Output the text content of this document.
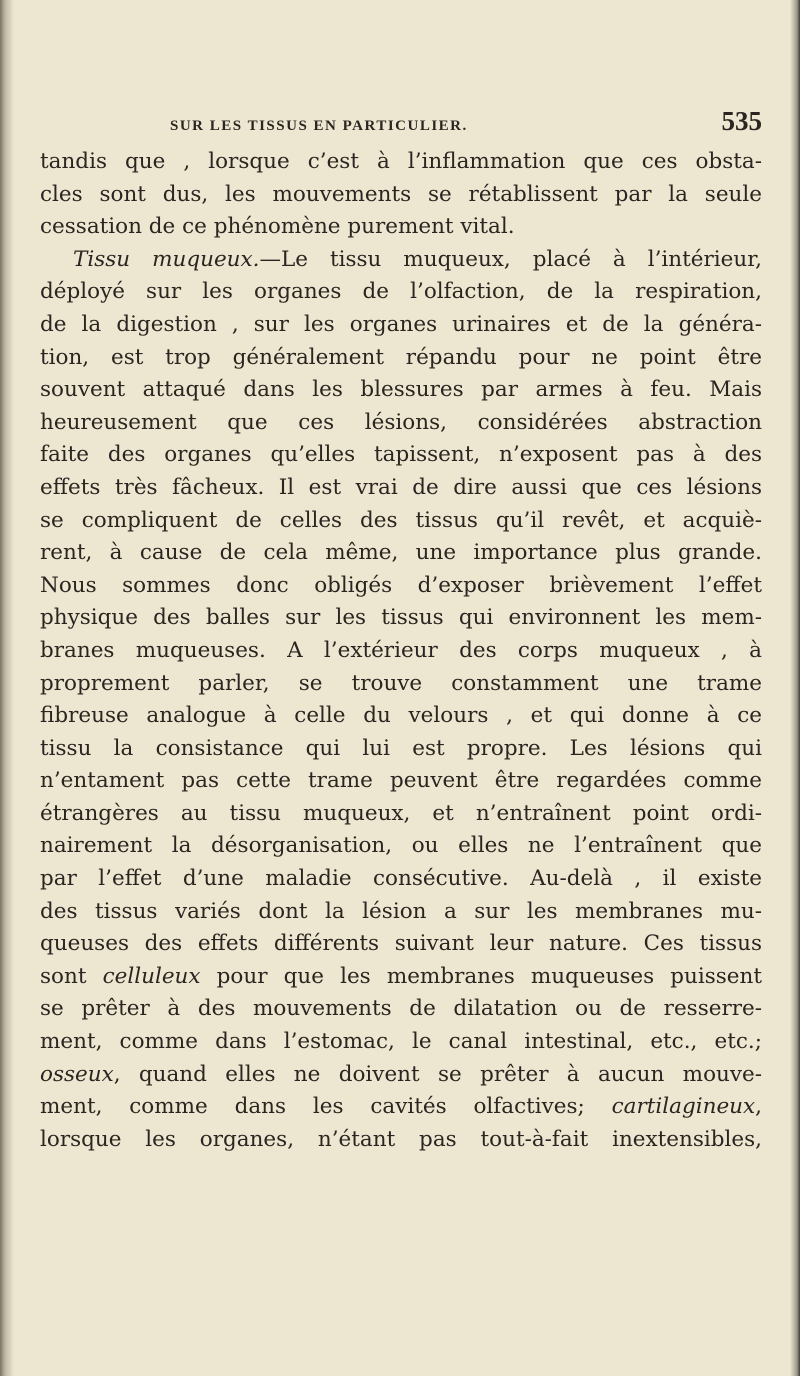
SUR LES TISSUS EN PARTICULIER.	535
tandis que , lorsque c’est à l’inflammation que ces obsta-
cles sont dus, les mouvements se rétablissent par la seule
cessation de ce phénomène purement vital.
Tissu muqueux.—Le tissu muqueux, placé à l’intérieur,
déployé sur les organes de l’olfaction, de la respiration,
de la digestion , sur les organes urinaires et de la généra-
tion, est trop généralement répandu pour ne point être
souvent attaqué dans les blessures par armes à feu. Mais
heureusement que ces lésions, considérées abstraction
faite des organes qu’elles tapissent, n’exposent pas à des
effets très fâcheux. Il est vrai de dire aussi que ces lésions
se compliquent de celles des tissus qu’il revêt, et acquiè-
rent, à cause de cela même, une importance plus grande.
Nous sommes donc obligés d’exposer brièvement l’effet
physique des balles sur les tissus qui environnent les mem-
branes muqueuses. A l’extérieur des corps muqueux , à
proprement parler, se trouve constamment une trame
fibreuse analogue à celle du velours , et qui donne à ce
tissu la consistance qui lui est propre. Les lésions qui
n’entament pas cette trame peuvent être regardées comme
étrangères au tissu muqueux, et n’entraînent point ordi-
nairement la désorganisation, ou elles ne l’entraînent que
par l’effet d’une maladie consécutive. Au-delà , il existe
des tissus variés dont la lésion a sur les membranes mu-
queuses des effets différents suivant leur nature. Ces tissus
sont celluleux pour que les membranes muqueuses puissent
se prêter à des mouvements de dilatation ou de resserre-
ment, comme dans l’estomac, le canal intestinal, etc., etc.;
osseux, quand elles ne doivent se prêter à aucun mouve-
ment, comme dans les cavités olfactives; cartilagineux,
lorsque les organes, n’étant pas tout-à-fait inextensibles,
